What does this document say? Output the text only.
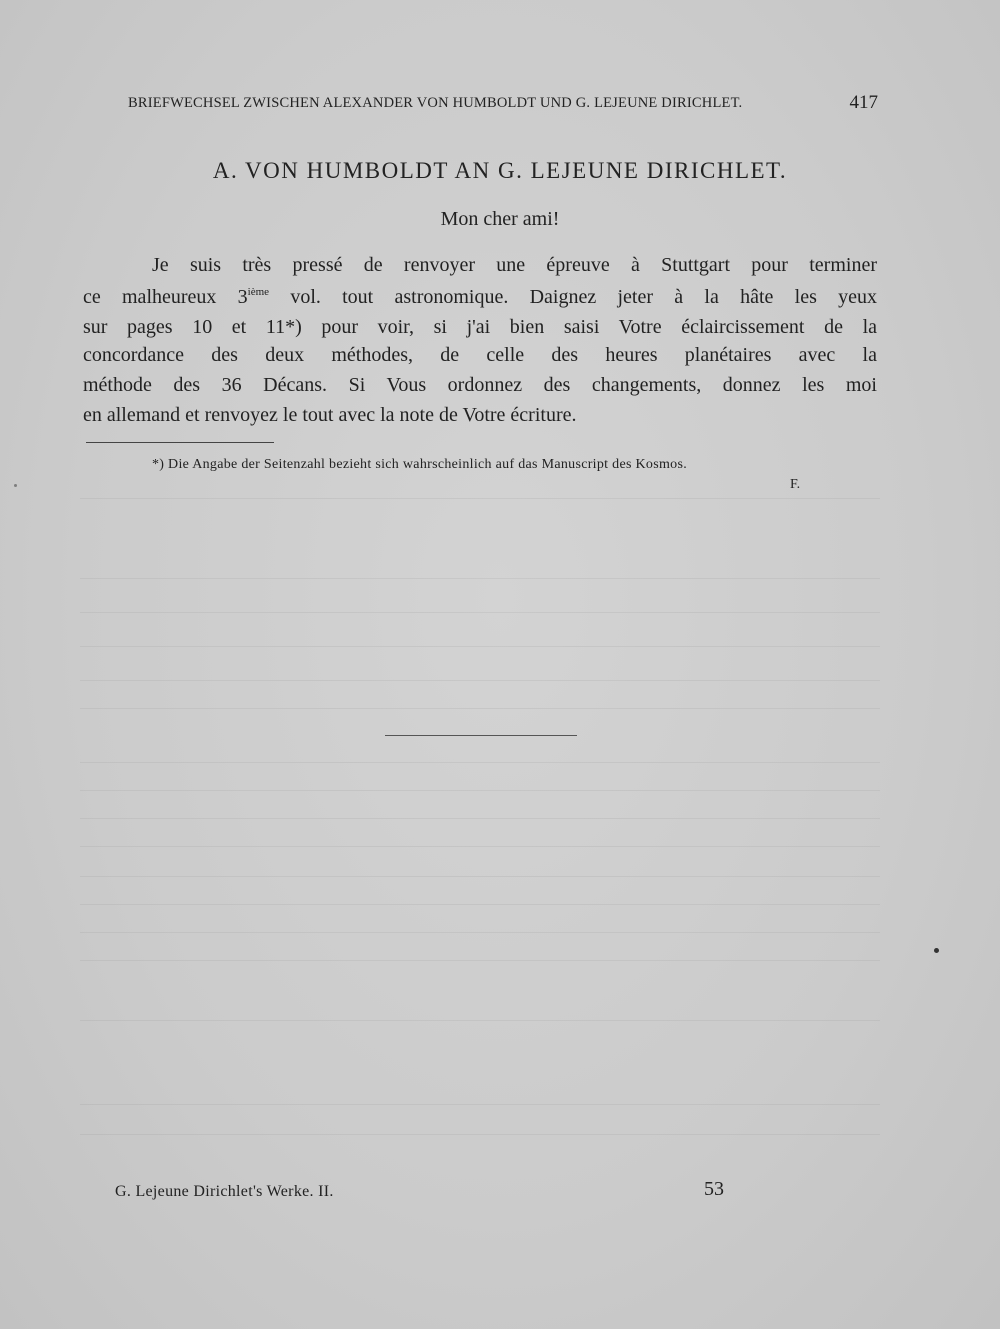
BRIEFWECHSEL ZWISCHEN ALEXANDER VON HUMBOLDT UND G. LEJEUNE DIRICHLET.	417
A. VON HUMBOLDT AN G. LEJEUNE DIRICHLET.
Mon cher ami!
Je suis très pressé de renvoyer une épreuve à Stuttgart pour terminer
ce malheureux 3ième vol. tout astronomique. Daignez jeter à la hâte les yeux
sur pages 10 et 11*) pour voir, si j'ai bien saisi Votre éclaircissement de la
concordance des deux méthodes, de celle des heures planétaires avec la
méthode des 36 Décans. Si Vous ordonnez des changements, donnez les moi
en allemand et renvoyez le tout avec la note de Votre écriture.
*) Die Angabe der Seitenzahl bezieht sich wahrscheinlich auf das Manuscript des Kosmos.
F.
G. Lejeune Dirichlet's Werke. II.	53
